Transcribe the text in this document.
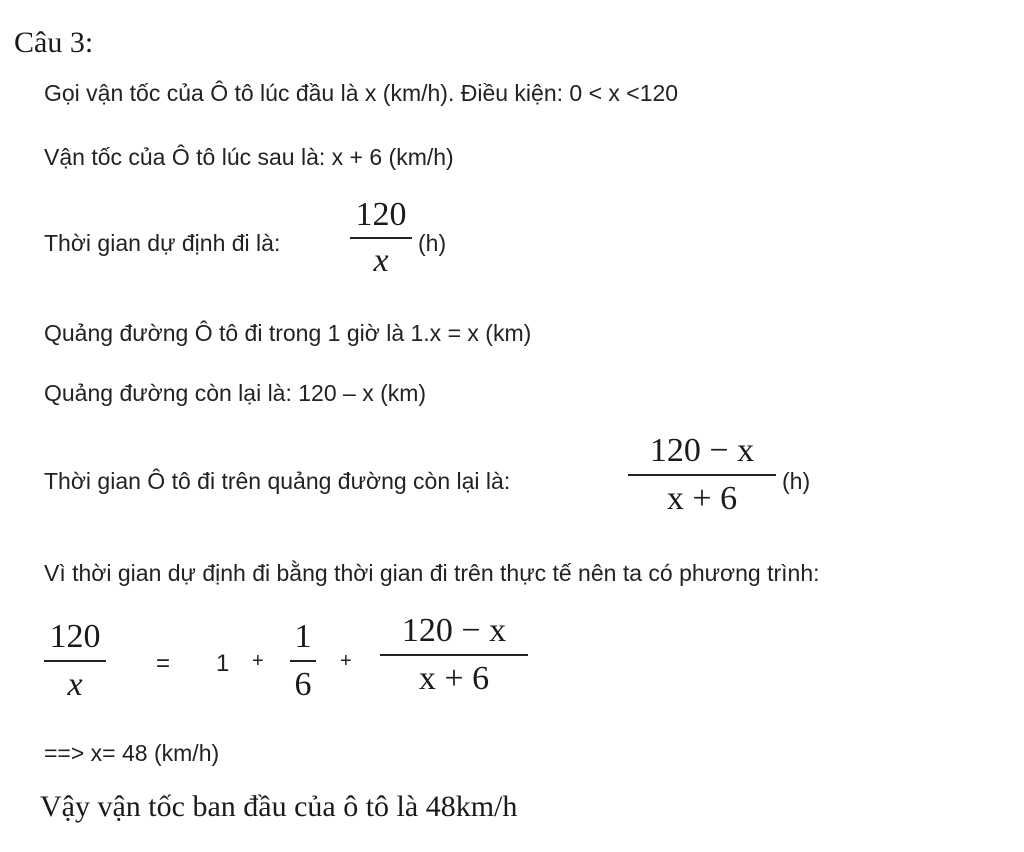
Câu 3:
Gọi vận tốc của Ô tô lúc đầu là x (km/h). Điều kiện: 0 < x <120
Vận tốc của Ô tô lúc sau là: x + 6 (km/h)
Thời gian dự định đi là:
120
x	(h)
Quảng đường Ô tô đi trong 1 giờ là 1.x = x (km)
Quảng đường còn lại là: 120 – x (km)
Thời gian Ô tô đi trên quảng đường còn lại là:
120 − x
x + 6	(h)
Vì thời gian dự định đi bằng thời gian đi trên thực tế nên ta có phương trình:
120
x
= 1 +
1
6
+
120 − x
x + 6
==> x= 48 (km/h)
Vậy vận tốc ban đầu của ô tô là 48km/h
